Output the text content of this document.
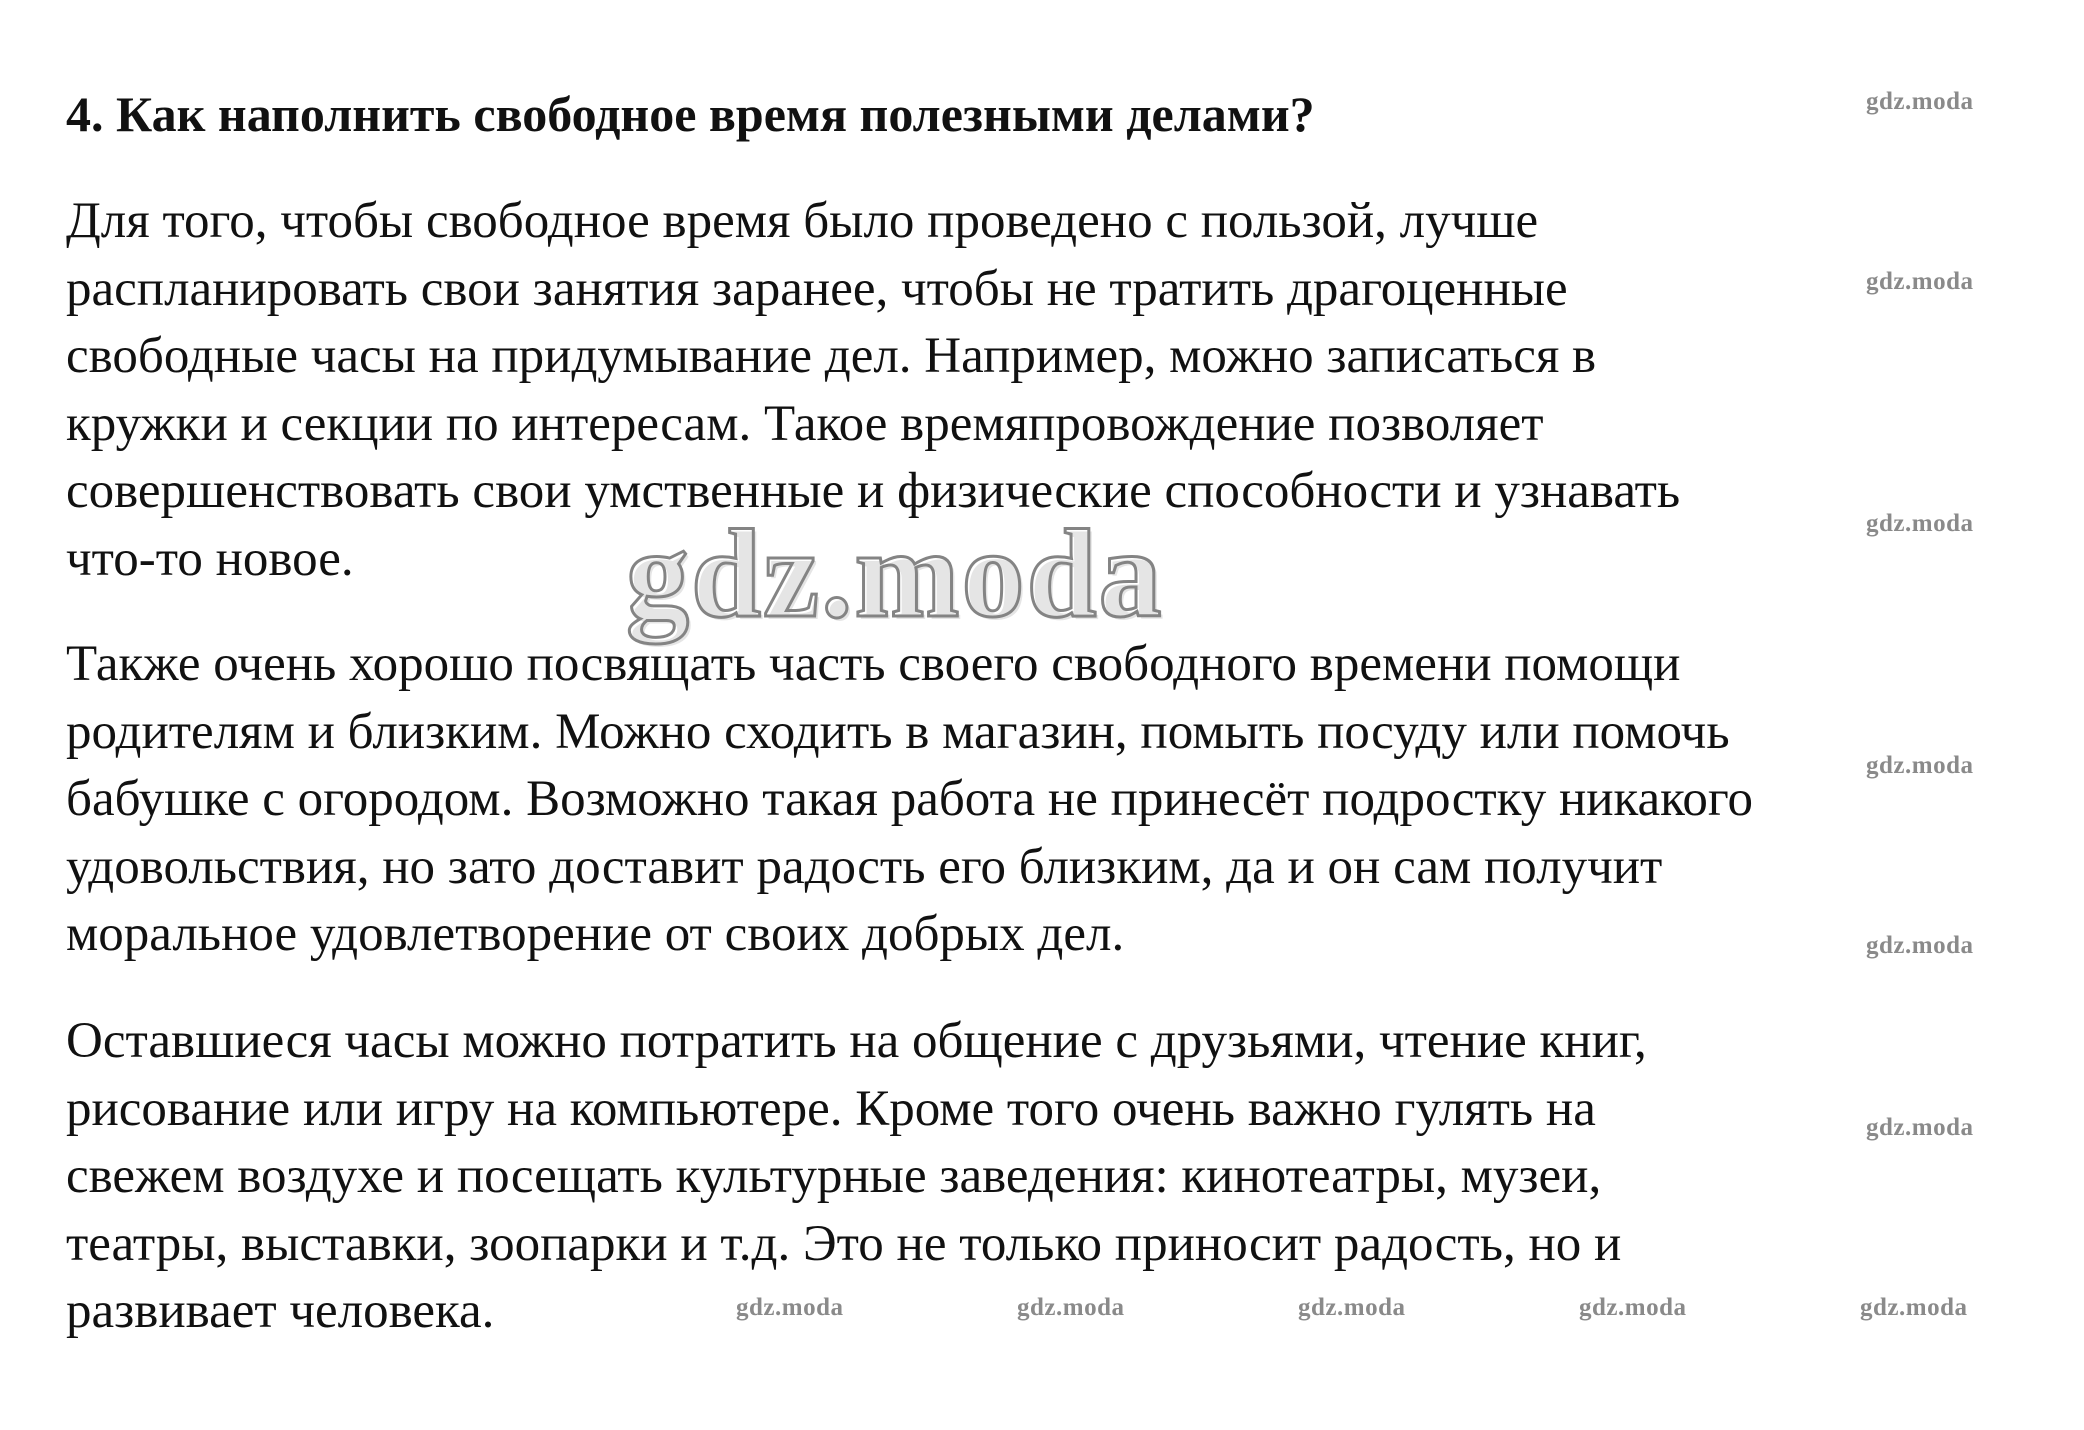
4. Как наполнить свободное время полезными делами?

Для того, чтобы свободное время было проведено с пользой, лучше
распланировать свои занятия заранее, чтобы не тратить драгоценные
свободные часы на придумывание дел. Например, можно записаться в
кружки и секции по интересам. Такое времяпровождение позволяет
совершенствовать свои умственные и физические способности и узнавать
что-то новое.

Также очень хорошо посвящать часть своего свободного времени помощи
родителям и близким. Можно сходить в магазин, помыть посуду или помочь
бабушке с огородом. Возможно такая работа не принесёт подростку никакого
удовольствия, но зато доставит радость его близким, да и он сам получит
моральное удовлетворение от своих добрых дел.

Оставшиеся часы можно потратить на общение с друзьями, чтение книг,
рисование или игру на компьютере. Кроме того очень важно гулять на
свежем воздухе и посещать культурные заведения: кинотеатры, музеи,
театры, выставки, зоопарки и т.д. Это не только приносит радость, но и
развивает человека.

gdz.moda
gdz.moda
gdz.moda
gdz.moda
gdz.moda
gdz.moda
gdz.moda
gdz.moda	gdz.moda	gdz.moda	gdz.moda	gdz.moda
